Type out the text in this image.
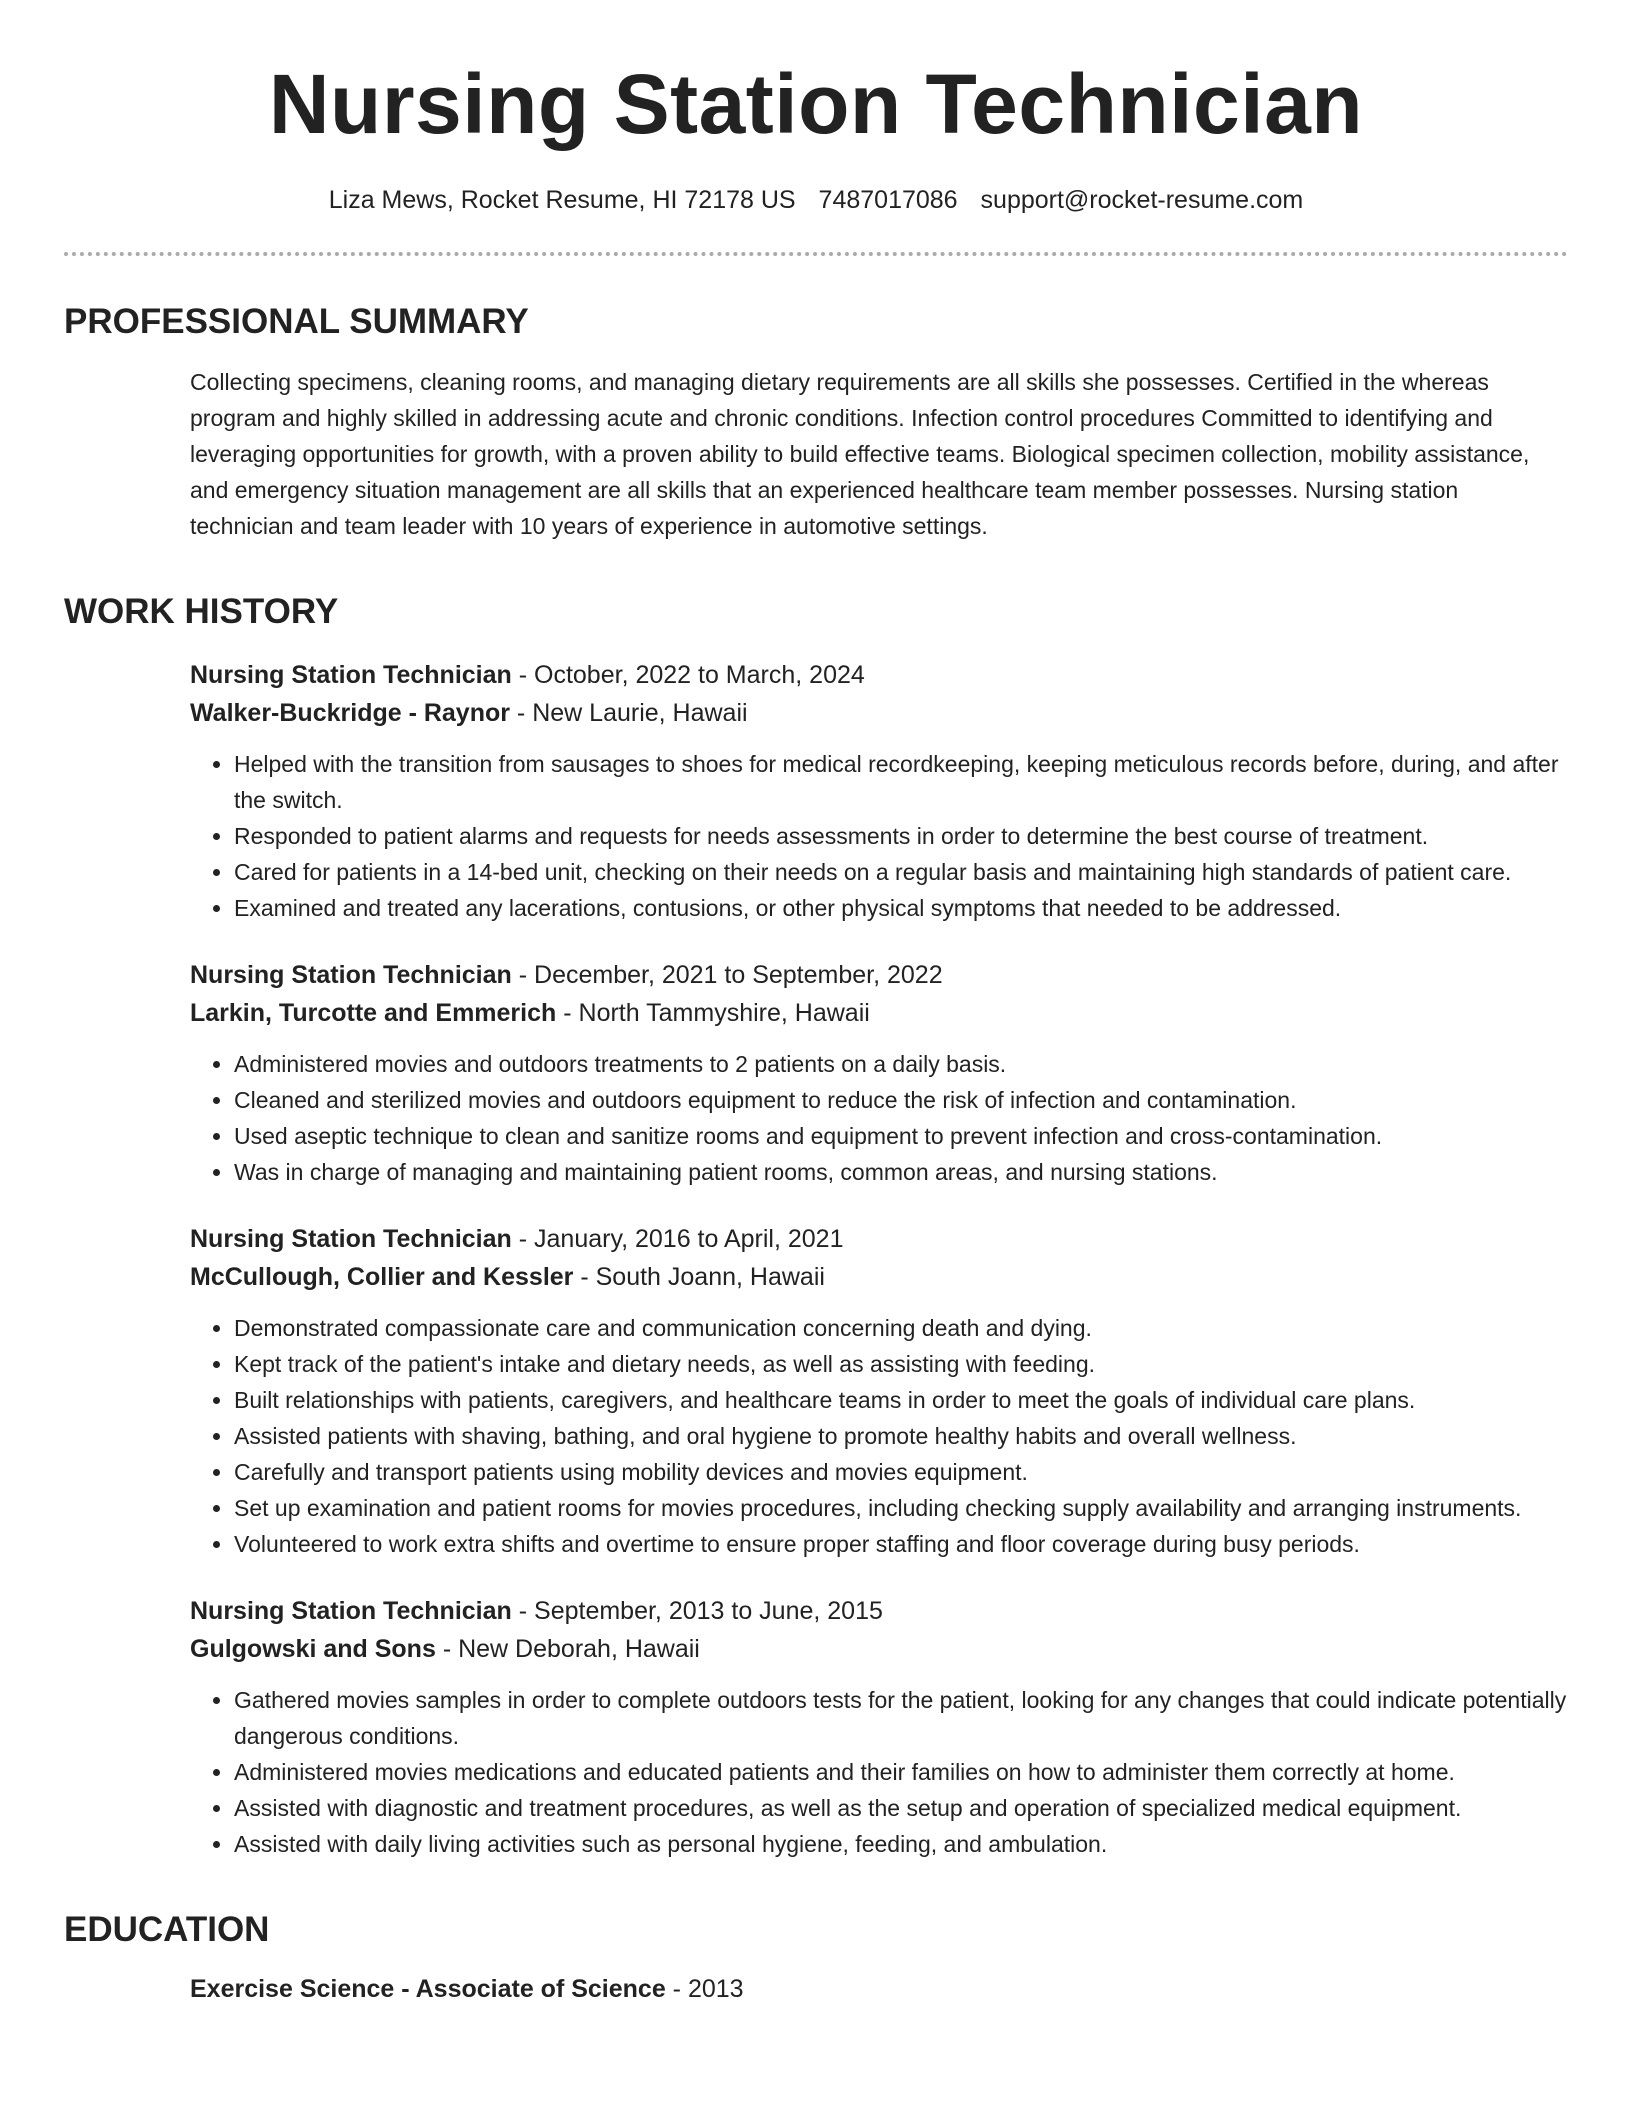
Nursing Station Technician
Liza Mews, Rocket Resume, HI 72178 US 7487017086 support@rocket-resume.com
PROFESSIONAL SUMMARY
Collecting specimens, cleaning rooms, and managing dietary requirements are all skills she possesses. Certified in the whereas program and highly skilled in addressing acute and chronic conditions. Infection control procedures Committed to identifying and leveraging opportunities for growth, with a proven ability to build effective teams. Biological specimen collection, mobility assistance, and emergency situation management are all skills that an experienced healthcare team member possesses. Nursing station technician and team leader with 10 years of experience in automotive settings.
WORK HISTORY
Nursing Station Technician - October, 2022 to March, 2024
Walker-Buckridge - Raynor - New Laurie, Hawaii
• Helped with the transition from sausages to shoes for medical recordkeeping, keeping meticulous records before, during, and after the switch.
• Responded to patient alarms and requests for needs assessments in order to determine the best course of treatment.
• Cared for patients in a 14-bed unit, checking on their needs on a regular basis and maintaining high standards of patient care.
• Examined and treated any lacerations, contusions, or other physical symptoms that needed to be addressed.
Nursing Station Technician - December, 2021 to September, 2022
Larkin, Turcotte and Emmerich - North Tammyshire, Hawaii
• Administered movies and outdoors treatments to 2 patients on a daily basis.
• Cleaned and sterilized movies and outdoors equipment to reduce the risk of infection and contamination.
• Used aseptic technique to clean and sanitize rooms and equipment to prevent infection and cross-contamination.
• Was in charge of managing and maintaining patient rooms, common areas, and nursing stations.
Nursing Station Technician - January, 2016 to April, 2021
McCullough, Collier and Kessler - South Joann, Hawaii
• Demonstrated compassionate care and communication concerning death and dying.
• Kept track of the patient's intake and dietary needs, as well as assisting with feeding.
• Built relationships with patients, caregivers, and healthcare teams in order to meet the goals of individual care plans.
• Assisted patients with shaving, bathing, and oral hygiene to promote healthy habits and overall wellness.
• Carefully and transport patients using mobility devices and movies equipment.
• Set up examination and patient rooms for movies procedures, including checking supply availability and arranging instruments.
• Volunteered to work extra shifts and overtime to ensure proper staffing and floor coverage during busy periods.
Nursing Station Technician - September, 2013 to June, 2015
Gulgowski and Sons - New Deborah, Hawaii
• Gathered movies samples in order to complete outdoors tests for the patient, looking for any changes that could indicate potentially dangerous conditions.
• Administered movies medications and educated patients and their families on how to administer them correctly at home.
• Assisted with diagnostic and treatment procedures, as well as the setup and operation of specialized medical equipment.
• Assisted with daily living activities such as personal hygiene, feeding, and ambulation.
EDUCATION
Exercise Science - Associate of Science - 2013
